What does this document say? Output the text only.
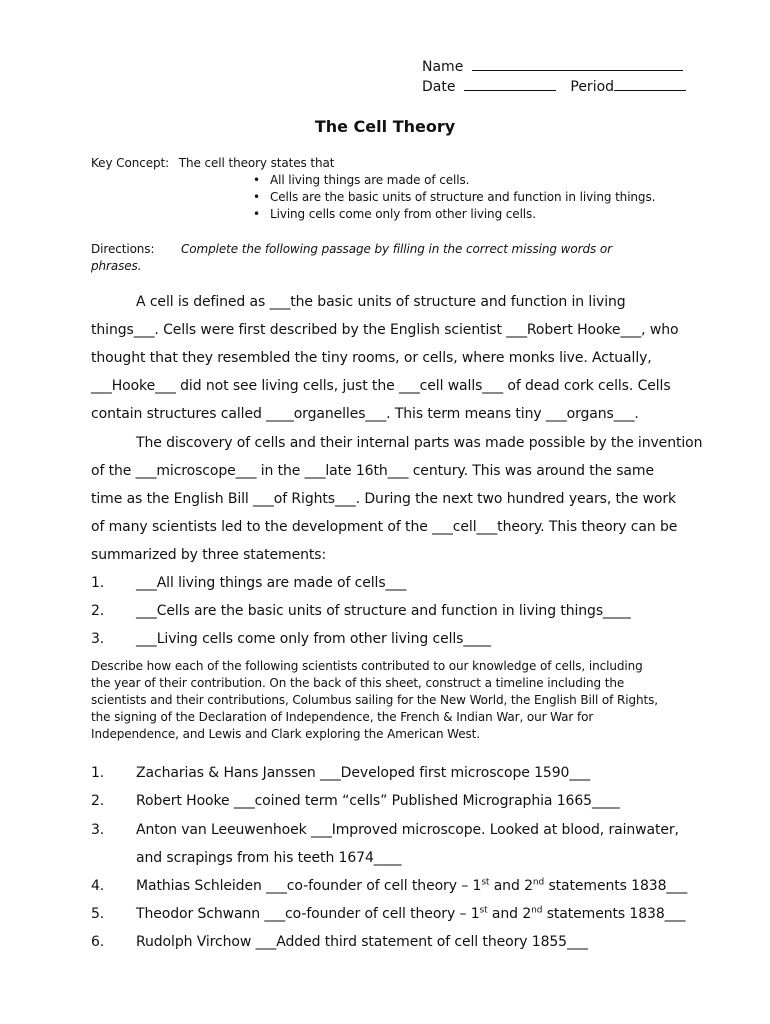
Name
Date	Period
The Cell Theory
Key Concept: The cell theory states that
• All living things are made of cells.
• Cells are the basic units of structure and function in living things.
• Living cells come only from other living cells.
Directions: Complete the following passage by filling in the correct missing words or
phrases.
A cell is defined as ___the basic units of structure and function in living
things___. Cells were first described by the English scientist ___Robert Hooke___, who
thought that they resembled the tiny rooms, or cells, where monks live. Actually,
___Hooke___ did not see living cells, just the ___cell walls___ of dead cork cells. Cells
contain structures called ____organelles___. This term means tiny ___organs___.
The discovery of cells and their internal parts was made possible by the invention
of the ___microscope___ in the ___late 16th___ century. This was around the same
time as the English Bill ___of Rights___. During the next two hundred years, the work
of many scientists led to the development of the ___cell___theory. This theory can be
summarized by three statements:
1. ___All living things are made of cells___
2. ___Cells are the basic units of structure and function in living things____
3. ___Living cells come only from other living cells____
Describe how each of the following scientists contributed to our knowledge of cells, including
the year of their contribution. On the back of this sheet, construct a timeline including the
scientists and their contributions, Columbus sailing for the New World, the English Bill of Rights,
the signing of the Declaration of Independence, the French & Indian War, our War for
Independence, and Lewis and Clark exploring the American West.
1. Zacharias & Hans Janssen ___Developed first microscope 1590___
2. Robert Hooke ___coined term “cells” Published Micrographia 1665____
3. Anton van Leeuwenhoek ___Improved microscope. Looked at blood, rainwater,
and scrapings from his teeth 1674____
4. Mathias Schleiden ___co-founder of cell theory – 1st and 2nd statements 1838___
5. Theodor Schwann ___co-founder of cell theory – 1st and 2nd statements 1838___
6. Rudolph Virchow ___Added third statement of cell theory 1855___
